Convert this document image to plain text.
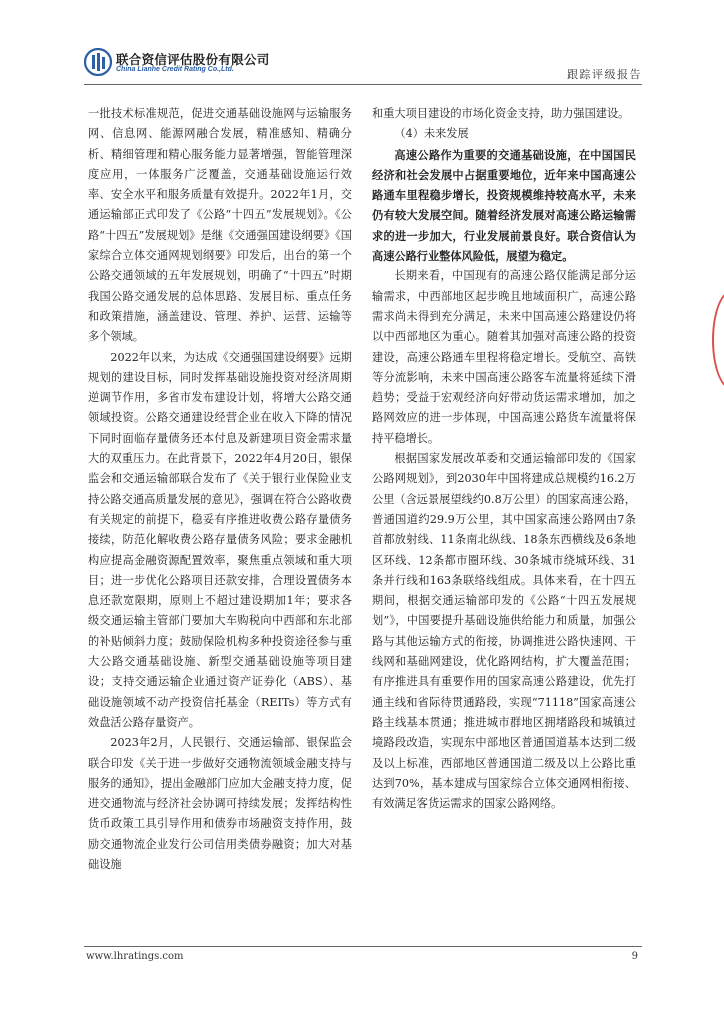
联合资信评估股份有限公司
China Lianhe Credit Rating Co.,Ltd.	跟踪评级报告

一批技术标准规范，促进交通基础设施网与运输服务网、信息网、能源网融合发展，精准感知、精确分析、精细管理和精心服务能力显著增强，智能管理深度应用，一体服务广泛覆盖，交通基础设施运行效率、安全水平和服务质量有效提升。2022年1月，交通运输部正式印发了《公路“十四五”发展规划》。《公路“十四五”发展规划》是继《交通强国建设纲要》《国家综合立体交通网规划纲要》印发后，出台的第一个公路交通领域的五年发展规划，明确了“十四五”时期我国公路交通发展的总体思路、发展目标、重点任务和政策措施，涵盖建设、管理、养护、运营、运输等多个领域。

2022年以来，为达成《交通强国建设纲要》远期规划的建设目标，同时发挥基础设施投资对经济周期逆调节作用，多省市发布建设计划，将增大公路交通领域投资。公路交通建设经营企业在收入下降的情况下同时面临存量债务还本付息及新建项目资金需求量大的双重压力。在此背景下，2022年4月20日，银保监会和交通运输部联合发布了《关于银行业保险业支持公路交通高质量发展的意见》，强调在符合公路收费有关规定的前提下，稳妥有序推进收费公路存量债务接续，防范化解收费公路存量债务风险；要求金融机构应提高金融资源配置效率，聚焦重点领域和重大项目；进一步优化公路项目还款安排，合理设置债务本息还款宽限期，原则上不超过建设期加1年；要求各级交通运输主管部门要加大车购税向中西部和东北部的补贴倾斜力度；鼓励保险机构多种投资途径参与重大公路交通基础设施、新型交通基础设施等项目建设；支持交通运输企业通过资产证券化（ABS）、基础设施领域不动产投资信托基金（REITs）等方式有效盘活公路存量资产。

2023年2月，人民银行、交通运输部、银保监会联合印发《关于进一步做好交通物流领域金融支持与服务的通知》，提出金融部门应加大金融支持力度，促进交通物流与经济社会协调可持续发展；发挥结构性货币政策工具引导作用和债券市场融资支持作用，鼓励交通物流企业发行公司信用类债券融资；加大对基础设施

和重大项目建设的市场化资金支持，助力强国建设。

（4）未来发展

高速公路作为重要的交通基础设施，在中国国民经济和社会发展中占据重要地位，近年来中国高速公路通车里程稳步增长，投资规模维持较高水平，未来仍有较大发展空间。随着经济发展对高速公路运输需求的进一步加大，行业发展前景良好。联合资信认为高速公路行业整体风险低，展望为稳定。

长期来看，中国现有的高速公路仅能满足部分运输需求，中西部地区起步晚且地域面积广，高速公路需求尚未得到充分满足，未来中国高速公路建设仍将以中西部地区为重心。随着其加强对高速公路的投资建设，高速公路通车里程将稳定增长。受航空、高铁等分流影响，未来中国高速公路客车流量将延续下滑趋势；受益于宏观经济向好带动货运需求增加，加之路网效应的进一步体现，中国高速公路货车流量将保持平稳增长。

根据国家发展改革委和交通运输部印发的《国家公路网规划》，到2030年中国将建成总规模约16.2万公里（含远景展望线约0.8万公里）的国家高速公路，普通国道约29.9万公里，其中国家高速公路网由7条首都放射线、11条南北纵线、18条东西横线及6条地区环线、12条都市圈环线、30条城市绕城环线、31条并行线和163条联络线组成。具体来看，在十四五期间，根据交通运输部印发的《公路“十四五发展规划”》，中国要提升基础设施供给能力和质量，加强公路与其他运输方式的衔接，协调推进公路快速网、干线网和基础网建设，优化路网结构，扩大覆盖范围；有序推进具有重要作用的国家高速公路建设，优先打通主线和省际待贯通路段，实现“71118”国家高速公路主线基本贯通；推进城市群地区拥堵路段和城镇过境路段改造，实现东中部地区普通国道基本达到二级及以上标准，西部地区普通国道二级及以上公路比重达到70%，基本建成与国家综合立体交通网相衔接、有效满足客货运需求的国家公路网络。

www.lhratings.com	9
